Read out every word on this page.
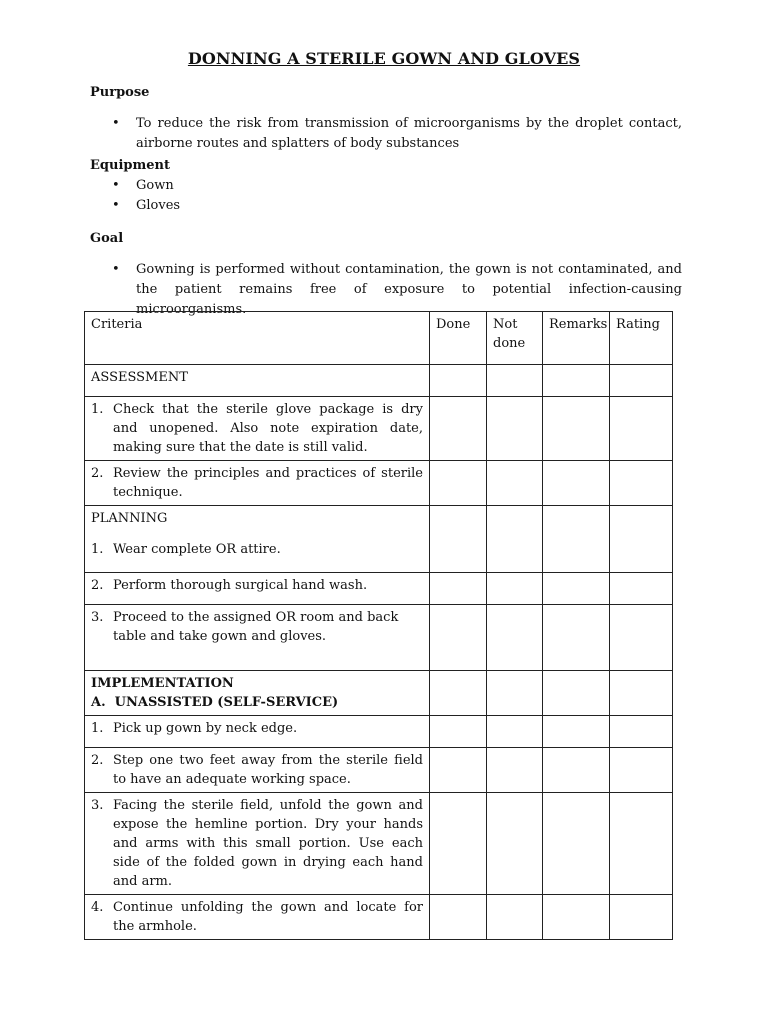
DONNING A STERILE GOWN AND GLOVES
Purpose
• To reduce the risk from transmission of microorganisms by the droplet contact, airborne routes and splatters of body substances
Equipment
• Gown
• Gloves
Goal
• Gowning is performed without contamination, the gown is not contaminated, and the patient remains free of exposure to potential infection-causing microorganisms.
Criteria	Done	Not done	Remarks	Rating
ASSESSMENT				

1. Check that the sterile glove package is dry and unopened. Also note expiration date, making sure that the date is still valid.				

2. Review the principles and practices of sterile technique.				

PLANNING
1. Wear complete OR attire.				

2. Perform thorough surgical hand wash.				

3. Proceed to the assigned OR room and back table and take gown and gloves.				

IMPLEMENTATION
A.  UNASSISTED (SELF-SERVICE)				

1. Pick up gown by neck edge.				

2. Step one two feet away from the sterile field to have an adequate working space.				

3. Facing the sterile field, unfold the gown and expose the hemline portion. Dry your hands and arms with this small portion. Use each side of the folded gown in drying each hand and arm.				

4. Continue unfolding the gown and locate for the armhole.				
